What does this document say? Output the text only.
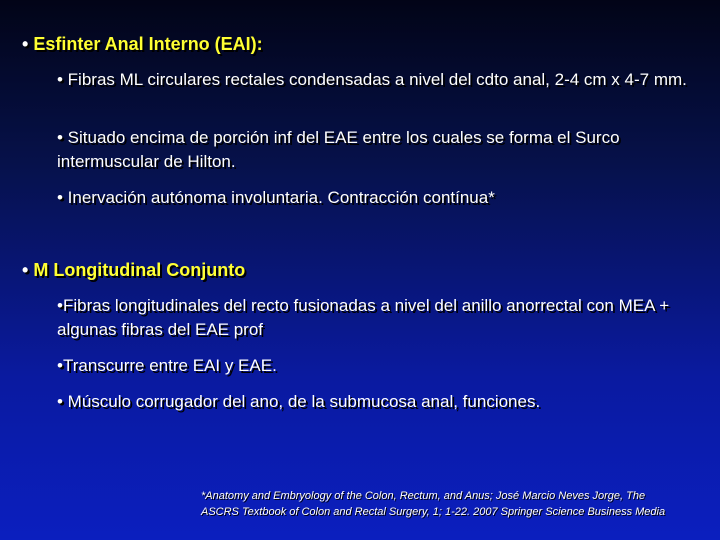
• Esfinter Anal Interno (EAI):
• Fibras ML circulares rectales condensadas a nivel del cdto anal, 2-4 cm x 4-7 mm.
• Situado encima de porción inf del EAE entre los cuales se forma el Surco intermuscular de Hilton.
• Inervación autónoma involuntaria. Contracción contínua*
• M Longitudinal Conjunto
•Fibras longitudinales del recto fusionadas a nivel del anillo anorrectal con MEA + algunas fibras del EAE prof
•Transcurre entre EAI y EAE.
• Músculo corrugador del ano, de la submucosa anal, funciones.
*Anatomy and Embryology of the Colon, Rectum, and Anus; José Marcio Neves Jorge, The
ASCRS Textbook of Colon and Rectal Surgery, 1; 1-22. 2007 Springer Science Business Media
